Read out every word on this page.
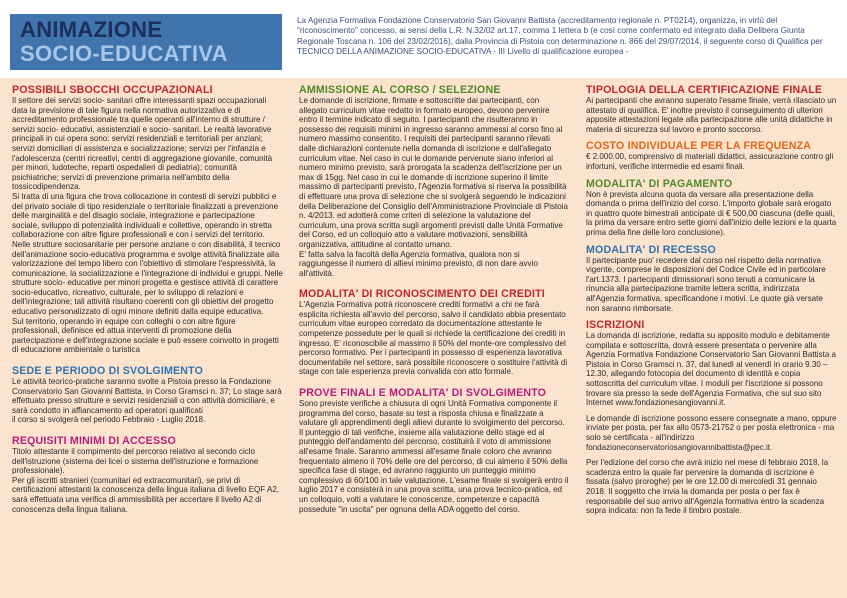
ANIMAZIONE
SOCIO-EDUCATIVA
La Agenzia Formativa Fondazione Conservatorio San Giovanni Battista (accreditamento regionale n. PT0214), organizza, in virtù del "riconoscimento" concesso, ai sensi della L.R. N.32/02 art.17, comma 1 lettera b (e così come confermato ed integrato dalla Delibera Giunta Regionale Toscana n. 106 del 23/02/2016), dalla Provincia di Pistoia con determinazione n. 866 del 29/07/2014, il seguente corso di Qualifica per TECNICO DELLA ANIMAZIONE SOCIO-EDUCATIVA - III Livello di qualificazione europea -
POSSIBILI SBOCCHI OCCUPAZIONALI
Il settore dei servizi socio- sanitari offre interessanti spazi occupazionali data la previsione di tale figura nella normativa autorizzativa e di accreditamento professionale tra quelle operanti all'interno di strutture / servizi socio- educativi, assistenziali e socio- sanitari. Le realtà lavorative principali in cui opera sono: servizi residenziali e territoriali per anziani; servizi domiciliari di assistenza e socializzazione; servizi per l'infanzia e l'adolescenza (centri ricreativi, centri di aggregazione giovanile, comunità per minori, ludoteche, reparti ospedalieri di pediatria); comunità psichiatriche; servizi di prevenzione primaria nell'ambito della tossicodipendenza.
Si tratta di una figura che trova collocazione in contesti di servizi pubblici e del privato sociale di tipo residenziale o territoriale finalizzati a prevenzione delle marginalità e del disagio sociale, integrazione e partecipazione sociale, sviluppo di potenzialità individuali e collettive, operando in stretta collaborazione con altre figure professionali e con i servizi del territorio.
Nelle strutture sociosanitarie per persone anziane o con disabilità, il tecnico dell'animazione socio-educativa programma e svolge attività finalizzate alla valorizzazione del tempo libero con l'obiettivo di stimolare l'espressività, la comunicazione, la socializzazione e l'integrazione di individui e gruppi. Nelle strutture socio- educative per minori progetta e gestisce attività di carattere socio-educativo, ricreativo, culturale, per lo sviluppo di relazioni e dell'integrazione; tali attività risultano coerenti con gli obiettivi del progetto educativo personalizzato di ogni minore definiti dalla equipe educativa.
Sul territorio, operando in equipe con colleghi o con altre figure professionali, definisce ed attua interventi di promozione della partecipazione e dell'integrazione sociale e può essere coinvolto in progetti di educazione ambientale o turistica
SEDE E PERIODO DI SVOLGIMENTO
Le attività teorico-pratiche saranno svolte a Pistoia presso la Fondazione Conservatorio San Giovanni Battista, in Corso Gramsci n. 37; Lo stage sarà effettuato presso strutture e servizi residenziali o con attività domiciliare, e sarà condotto in affiancamento ad operatori qualificati
il corso si svolgerà nel periodo Febbraio - Luglio 2018.
REQUISITI MINIMI DI ACCESSO
Titolo attestante il compimento del percorso relativo al secondo ciclo dell'istruzione (sistema dei licei o sistema dell'istruzione e formazione professionale).
Per gli iscritti stranieri (comunitari ed extracomunitari), se privi di certificazioni attestanti la conoscenza della lingua italiana di livello EQF A2, sarà effettuata una verifica di ammissibilità per accertare il livello A2 di conoscenza della lingua italiana.
AMMISSIONE AL CORSO / SELEZIONE
Le domande di iscrizione, firmate e sottoscritte dai partecipanti, con allegato curriculum vitae redatto in formato europeo, devono pervenire entro il termine indicato di seguito. I partecipanti che risulteranno in possesso dei requisiti minimi in ingresso saranno ammessi al corso fino al numero massimo consentito. I requisiti dei partecipanti saranno rilevati dalle dichiarazioni contenute nella domanda di iscrizione e dall'allegato curriculum vitae. Nel caso in cui le domande pervenute siano inferiori al numero minimo previsto, sarà prorogata la scadenza dell'iscrizione per un max di 15gg. Nel caso in cui le domande di iscrizione superino il limite massimo di partecipanti previsto, l'Agenzia formativa si riserva la possibilità di effettuare una prova di selezione che si svolgerà seguendo le indicazioni della Deliberazione del Consiglio dell'Amministrazione Provinciale di Pistoia n. 4/2013. ed adotterà come criteri di selezione la valutazione del curriculum, una prova scritta sugli argomenti previsti dalle Unità Formative del Corso, ed un colloquio atto a valutare motivazioni, sensibilità organizzativa, attitudine al contatto umano.
E' fatta salva la facoltà della Agenzia formativa, qualora non si raggiungesse il numero di allievi minimo previsto, di non dare avvio all'attività.
MODALITA' DI RICONOSCIMENTO DEI CREDITI
L'Agenzia Formativa potrà riconoscere crediti formativi a chi ne farà esplicita richiesta all'avvio del percorso, salvo il candidato abbia presentato curriculum vitae europeo corredato da documentazione attestante le competenze possedute per le quali si richiede la certificazione dei crediti in ingresso. E' riconoscibile al massimo il 50% del monte-ore complessivo del percorso formativo. Per i partecipanti in possesso di esperienza lavorativa documentabile nel settore, sarà possibile riconoscere o sostituire l'attività di stage con tale esperienza previa convalida con atto formale.
PROVE FINALI E MODALITA' DI SVOLGIMENTO
Sono previste verifiche a chiusura di ogni Unità Formativa componente il programma del corso, basate su test a risposta chiusa e finalizzate a valutare gli apprendimenti degli allievi durante lo svolgimento del percorso. Il punteggio di tali verifiche, insieme alla valutazione dello stage ed al punteggio dell'andamento del percorso, costituirà il voto di ammissione all'esame finale. Saranno ammessi all'esame finale coloro che avranno frequentato almeno il 70% delle ore del percorso, di cui almeno il 50% della specifica fase di stage, ed avranno raggiunto un punteggio minimo complessivo di 60/100 in tale valutazione. L'esame finale si svolgerà entro il luglio 2017 e consisterà in una prova scritta, una prova tecnico-pratica, ed un colloquio, volti a valutare le conoscenze, competenze e capacità possedute "in uscita" per ognuna della ADA oggetto del corso.
TIPOLOGIA DELLA CERTIFICAZIONE FINALE
Ai partecipanti che avranno superato l'esame finale, verrà rilasciato un attestato di qualifica. E' inoltre previsto il conseguimento di ulteriori apposite attestazioni legate alla partecipazione alle unità didattiche in materia di sicurezza sul lavoro e pronto soccorso.
COSTO INDIVIDUALE PER LA FREQUENZA
€ 2.000.00, comprensivo di materiali didattici, assicurazione contro gli infortuni, verifiche intermedie ed esami finali.
MODALITA' DI PAGAMENTO
Non è prevista alcuna quota da versare alla presentazione della domanda o prima dell'inizio del corso. L'importo globale sarà erogato in quattro quote bimestrali anticipate di € 500,00 ciascuna (delle quali, la prima da versare entro sette giorni dall'inizio delle lezioni e la quarta prima della fine delle loro conclusione).
MODALITA' DI RECESSO
Il partecipante puo' recedere dal corso nel rispetto della normativa vigente, comprese le disposizioni del Codice Civile ed in particolare l'art.1373. I partecipanti dimissionari sono tenuti a comunicare la rinuncia alla partecipazione tramite lettera scritta, indirizzata all'Agenzia formativa, specificandone i motivi. Le quote già versate non saranno rimborsate.
ISCRIZIONI
La domanda di iscrizione, redatta su apposito modulo e debitamente compilata e sottoscritta, dovrà essere presentata o pervenire alla Agenzia Formativa Fondazione Conservatorio San Giovanni Battista a Pistoia in Corso Gramsci n. 37, dal lunedì al venerdì in orario 9.30 – 12.30, allegando fotocopia del documento di identità e copia sottoscritta del curriculum vitae. I moduli per l'iscrizione si possono trovare sia presso la sede dell'Agenzia Formativa, che sul suo sito Internet www.fondazionesangiovanni.it.
Le domande di iscrizione possono essere consegnate a mano, oppure inviate per posta, per fax allo 0573-21752 o per posta elettronica - ma solo se certificata - all'indirizzo fondazioneconservatoriosangiovannibattista@pec.it.
Per l'edizione del corso che avrà inizio nel mese di febbraio 2018, la scadenza entro la quale far pervenire la domanda di iscrizione è fissata (salvo proroghe) per le ore 12.00 di mercoledì 31 gennaio 2018. Il soggetto che invia la domanda per posta o per fax è responsabile del suo arrivo all'Agenzia formativa entro la scadenza sopra indicata: non fa fede il timbro postale.
